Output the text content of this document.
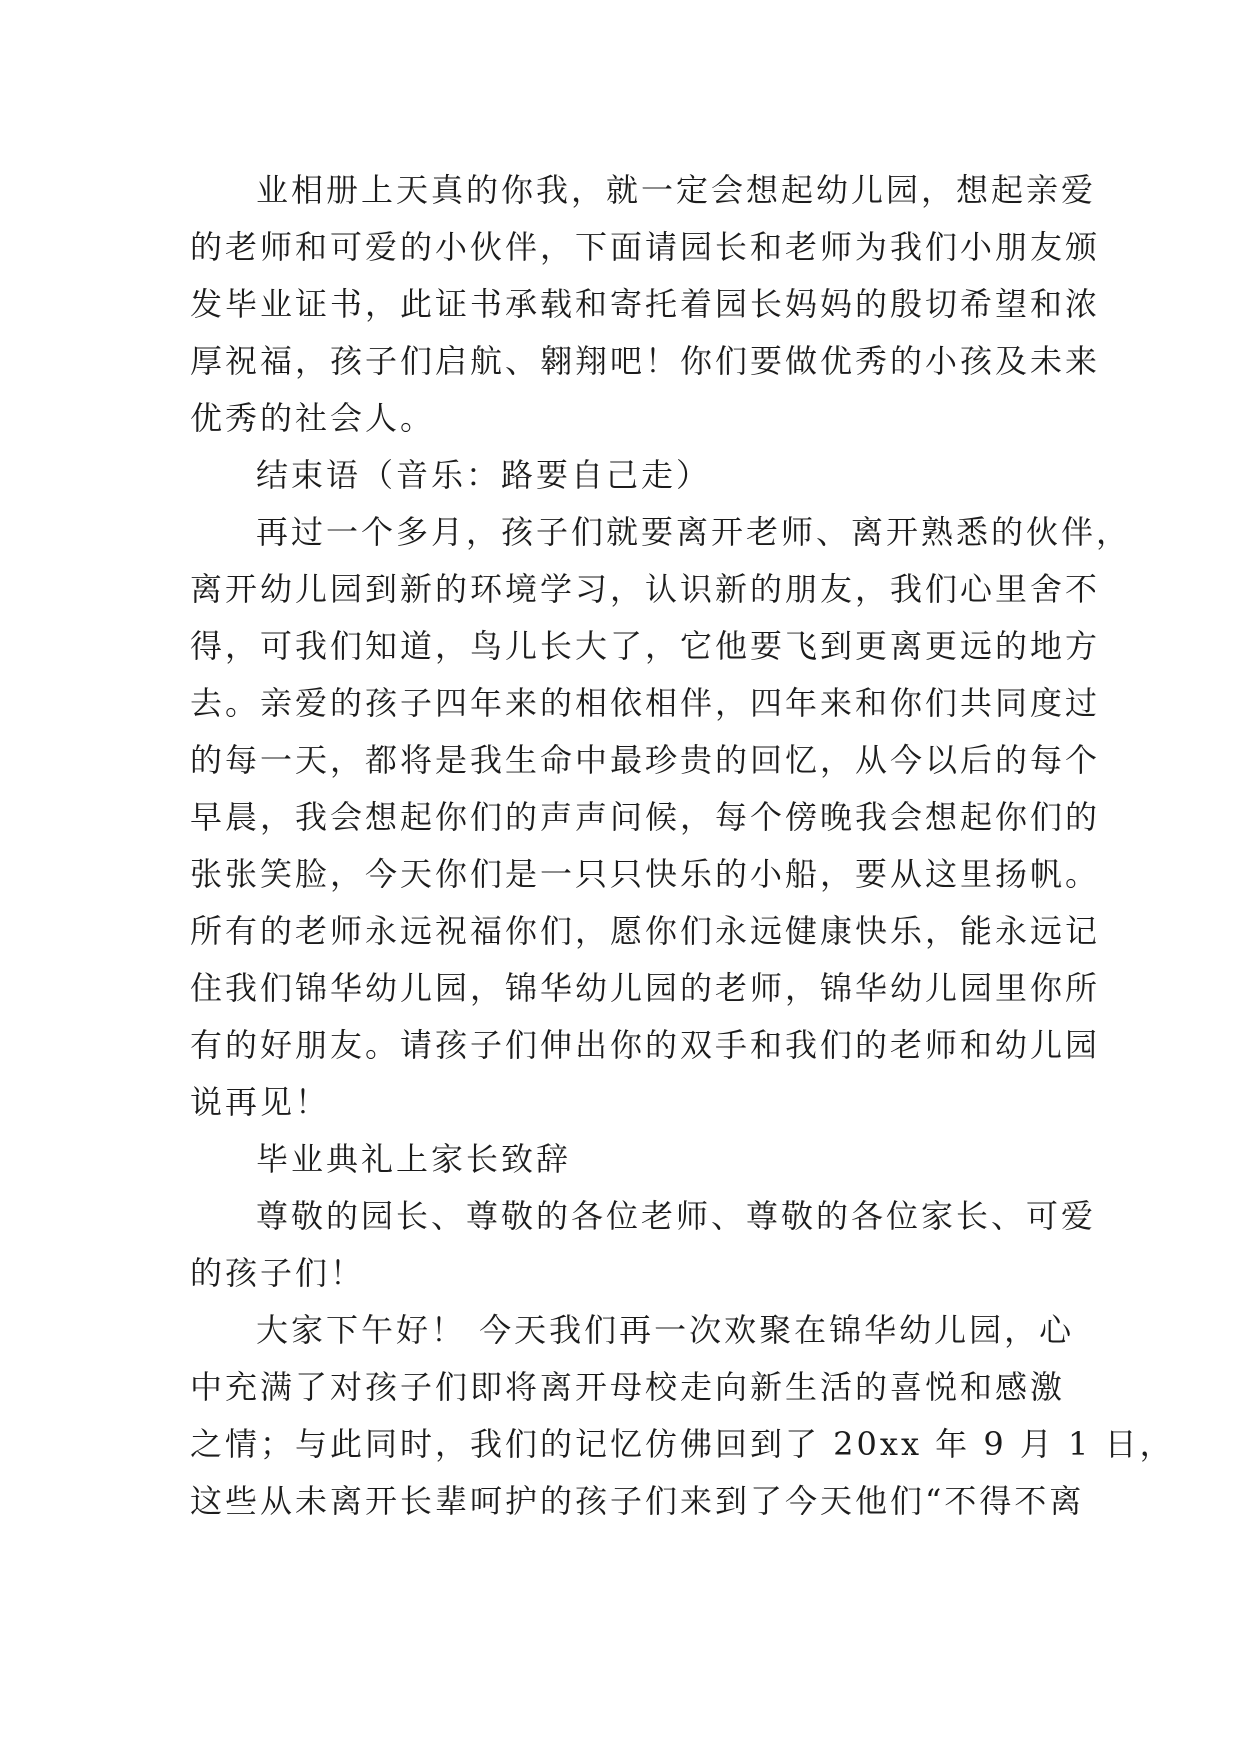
业相册上天真的你我，就一定会想起幼儿园，想起亲爱
的老师和可爱的小伙伴，下面请园长和老师为我们小朋友颁
发毕业证书，此证书承载和寄托着园长妈妈的殷切希望和浓
厚祝福，孩子们启航、翱翔吧！你们要做优秀的小孩及未来
优秀的社会人。
结束语（音乐：路要自己走）
再过一个多月，孩子们就要离开老师、离开熟悉的伙伴，
离开幼儿园到新的环境学习，认识新的朋友，我们心里舍不
得，可我们知道，鸟儿长大了，它他要飞到更离更远的地方
去。亲爱的孩子四年来的相依相伴，四年来和你们共同度过
的每一天，都将是我生命中最珍贵的回忆，从今以后的每个
早晨，我会想起你们的声声问候，每个傍晚我会想起你们的
张张笑脸，今天你们是一只只快乐的小船，要从这里扬帆。
所有的老师永远祝福你们，愿你们永远健康快乐，能永远记
住我们锦华幼儿园，锦华幼儿园的老师，锦华幼儿园里你所
有的好朋友。请孩子们伸出你的双手和我们的老师和幼儿园
说再见！
毕业典礼上家长致辞
尊敬的园长、尊敬的各位老师、尊敬的各位家长、可爱
的孩子们！
大家下午好！ 今天我们再一次欢聚在锦华幼儿园，心
中充满了对孩子们即将离开母校走向新生活的喜悦和感激
之情；与此同时，我们的记忆仿佛回到了 20xx 年 9 月 1 日，
这些从未离开长辈呵护的孩子们来到了今天他们“不得不离
